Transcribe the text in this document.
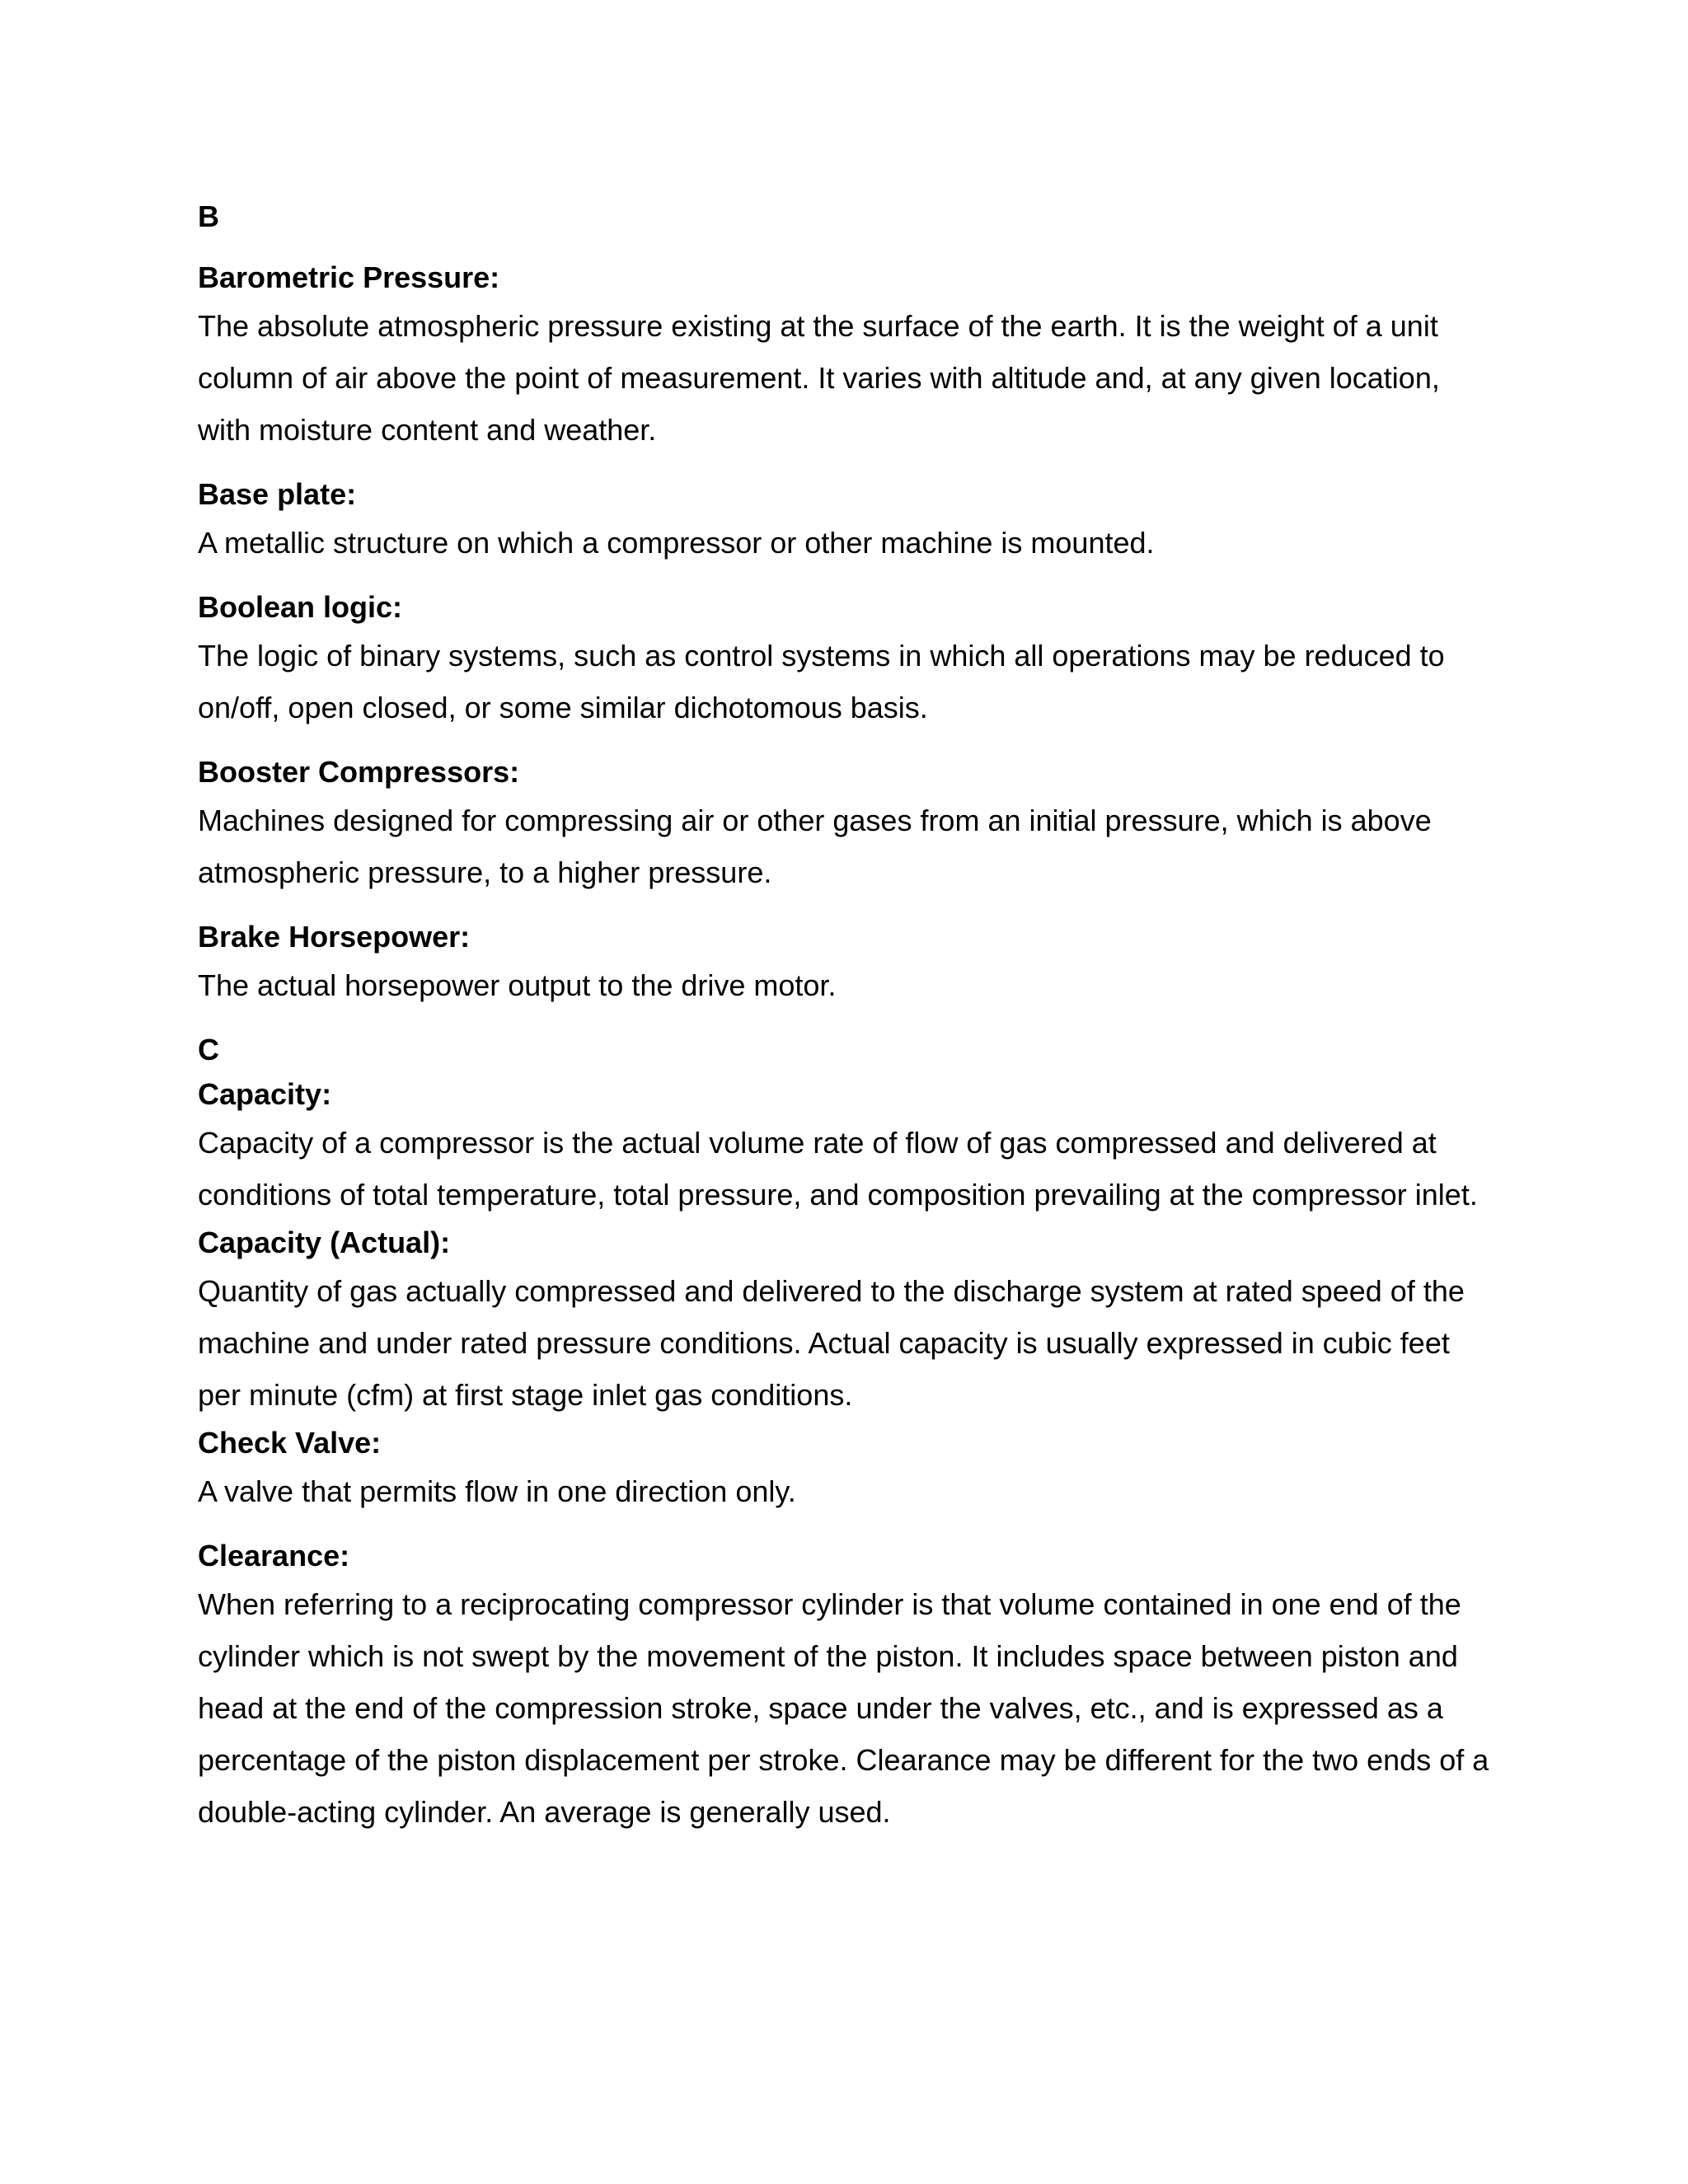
B

Barometric Pressure:

The absolute atmospheric pressure existing at the surface of the earth. It is the weight of a unit column of air above the point of measurement. It varies with altitude and, at any given location, with moisture content and weather.

Base plate:

A metallic structure on which a compressor or other machine is mounted.

Boolean logic:

The logic of binary systems, such as control systems in which all operations may be reduced to on/off, open closed, or some similar dichotomous basis.

Booster Compressors:

Machines designed for compressing air or other gases from an initial pressure, which is above atmospheric pressure, to a higher pressure.

Brake Horsepower:

The actual horsepower output to the drive motor.

C

Capacity:

Capacity of a compressor is the actual volume rate of flow of gas compressed and delivered at conditions of total temperature, total pressure, and composition prevailing at the compressor inlet.

Capacity (Actual):

Quantity of gas actually compressed and delivered to the discharge system at rated speed of the machine and under rated pressure conditions. Actual capacity is usually expressed in cubic feet per minute (cfm) at first stage inlet gas conditions.

Check Valve:

A valve that permits flow in one direction only.

Clearance:

When referring to a reciprocating compressor cylinder is that volume contained in one end of the cylinder which is not swept by the movement of the piston. It includes space between piston and head at the end of the compression stroke, space under the valves, etc., and is expressed as a percentage of the piston displacement per stroke. Clearance may be different for the two ends of a double-acting cylinder. An average is generally used.
